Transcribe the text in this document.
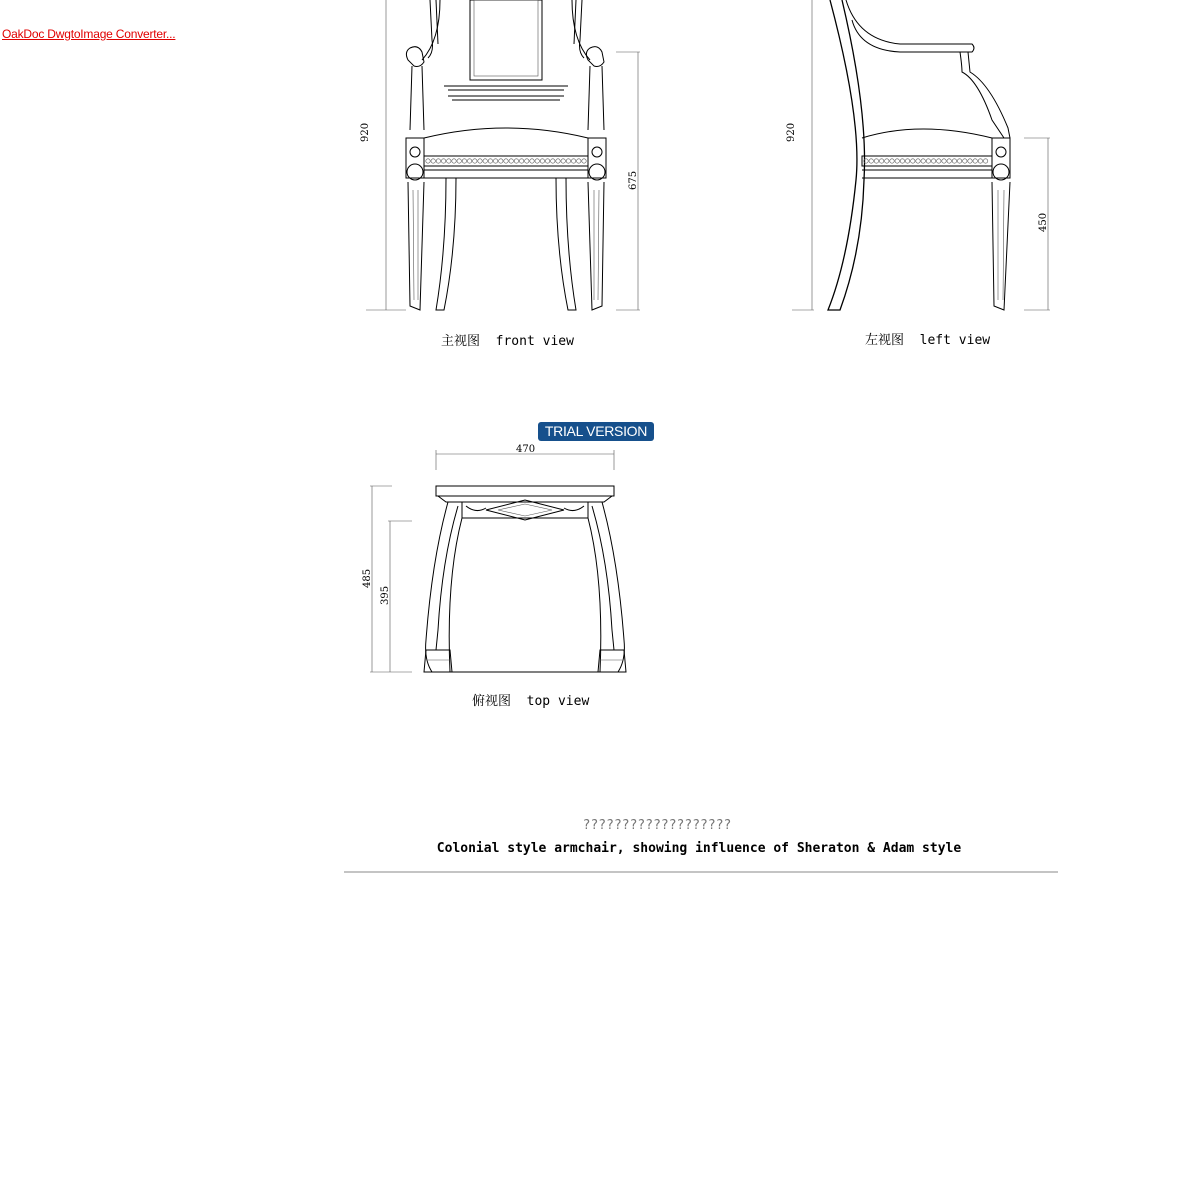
OakDoc DwgtoImage Converter...
TRIAL VERSION
920
675
主视图  front view
920
450
左视图  left view
470
485
395
俯视图  top view
???????????????????
Colonial style armchair, showing influence of Sheraton & Adam style
